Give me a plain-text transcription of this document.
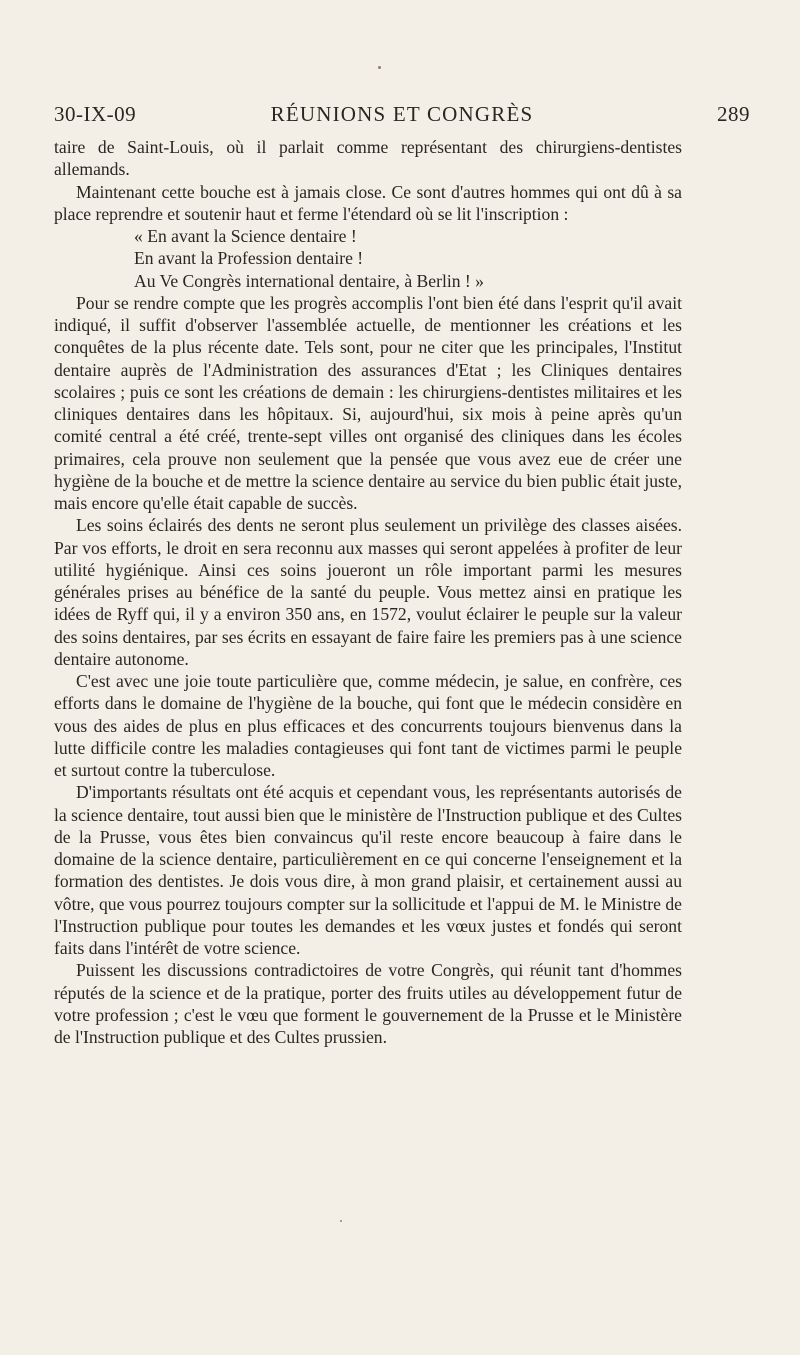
30-IX-09	RÉUNIONS ET CONGRÈS	289

taire de Saint-Louis, où il parlait comme représentant des chirurgiens-dentistes allemands.

Maintenant cette bouche est à jamais close. Ce sont d'autres hommes qui ont dû à sa place reprendre et soutenir haut et ferme l'étendard où se lit l'inscription :

« En avant la Science dentaire !

En avant la Profession dentaire !

Au Ve Congrès international dentaire, à Berlin ! »

Pour se rendre compte que les progrès accomplis l'ont bien été dans l'esprit qu'il avait indiqué, il suffit d'observer l'assemblée actuelle, de mentionner les créations et les conquêtes de la plus récente date. Tels sont, pour ne citer que les principales, l'Institut dentaire auprès de l'Administration des assurances d'Etat ; les Cliniques dentaires scolaires ; puis ce sont les créations de demain : les chirurgiens-dentistes militaires et les cliniques dentaires dans les hôpitaux. Si, aujourd'hui, six mois à peine après qu'un comité central a été créé, trente-sept villes ont organisé des cliniques dans les écoles primaires, cela prouve non seulement que la pensée que vous avez eue de créer une hygiène de la bouche et de mettre la science dentaire au service du bien public était juste, mais encore qu'elle était capable de succès.

Les soins éclairés des dents ne seront plus seulement un privilège des classes aisées. Par vos efforts, le droit en sera reconnu aux masses qui seront appelées à profiter de leur utilité hygiénique. Ainsi ces soins joueront un rôle important parmi les mesures générales prises au bénéfice de la santé du peuple. Vous mettez ainsi en pratique les idées de Ryff qui, il y a environ 350 ans, en 1572, voulut éclairer le peuple sur la valeur des soins dentaires, par ses écrits en essayant de faire faire les premiers pas à une science dentaire autonome.

C'est avec une joie toute particulière que, comme médecin, je salue, en confrère, ces efforts dans le domaine de l'hygiène de la bouche, qui font que le médecin considère en vous des aides de plus en plus efficaces et des concurrents toujours bienvenus dans la lutte difficile contre les maladies contagieuses qui font tant de victimes parmi le peuple et surtout contre la tuberculose.

D'importants résultats ont été acquis et cependant vous, les représentants autorisés de la science dentaire, tout aussi bien que le ministère de l'Instruction publique et des Cultes de la Prusse, vous êtes bien convaincus qu'il reste encore beaucoup à faire dans le domaine de la science dentaire, particulièrement en ce qui concerne l'enseignement et la formation des dentistes. Je dois vous dire, à mon grand plaisir, et certainement aussi au vôtre, que vous pourrez toujours compter sur la sollicitude et l'appui de M. le Ministre de l'Instruction publique pour toutes les demandes et les vœux justes et fondés qui seront faits dans l'intérêt de votre science.

Puissent les discussions contradictoires de votre Congrès, qui réunit tant d'hommes réputés de la science et de la pratique, porter des fruits utiles au développement futur de votre profession ; c'est le vœu que forment le gouvernement de la Prusse et le Ministère de l'Instruction publique et des Cultes prussien.
